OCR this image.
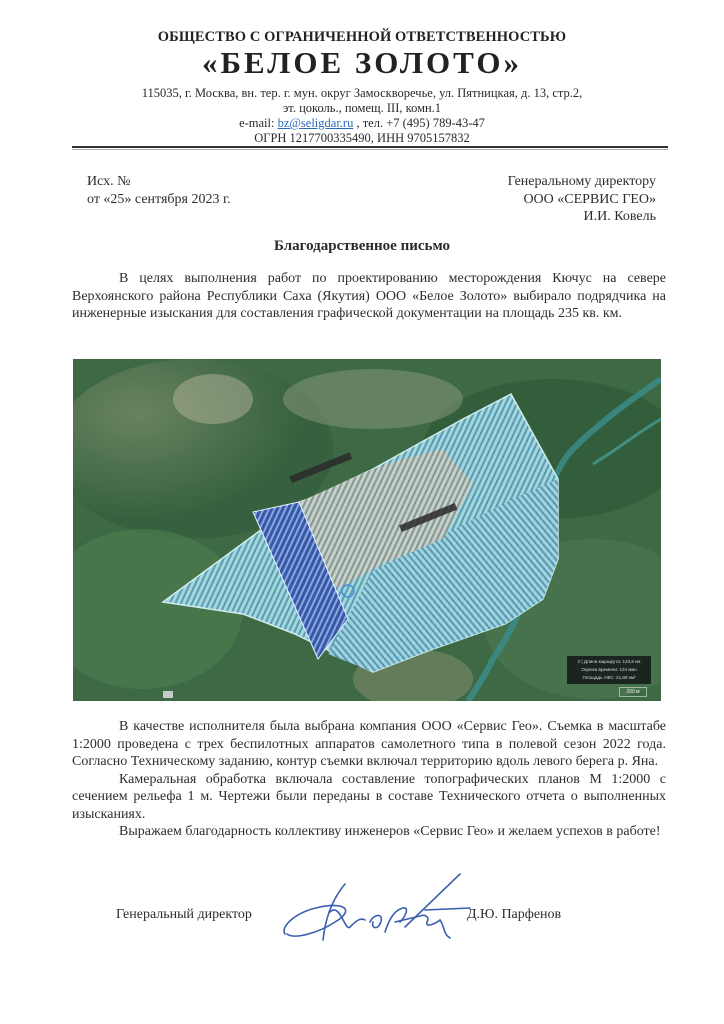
ОБЩЕСТВО С ОГРАНИЧЕННОЙ ОТВЕТСТВЕННОСТЬЮ
«БЕЛОЕ ЗОЛОТО»
115035, г. Москва, вн. тер. г. мун. округ Замоскворечье, ул. Пятницкая, д. 13, стр.2,
эт. цоколь., помещ. III, комн.1
e-mail: bz@seligdar.ru , тел. +7 (495) 789-43-47
ОГРН 1217700335490, ИНН 9705157832
Исх. №
от «25» сентября 2023 г.
Генеральному директору
ООО «СЕРВИС ГЕО»
И.И. Ковель
Благодарственное письмо

В целях выполнения работ по проектированию месторождения Кючус на севере Верхоянского района Республики Саха (Якутия) ООО «Белое Золото» выбирало подрядчика на инженерные изыскания для составления графической документации на площадь 235 кв. км.

2 | Длина маршрута: 133,8 км
Оценка времени: 124 мин
Площадь АФС: 21,88 км²
200 м

В качестве исполнителя была выбрана компания ООО «Сервис Гео». Съемка в масштабе 1:2000 проведена с трех беспилотных аппаратов самолетного типа в полевой сезон 2022 года. Согласно Техническому заданию, контур съемки включал территорию вдоль левого берега р. Яна.

Камеральная обработка включала составление топографических планов М 1:2000 с сечением рельефа 1 м. Чертежи были переданы в составе Технического отчета о выполненных изысканиях.

Выражаем благодарность коллективу инженеров «Сервис Гео» и желаем успехов в работе!

Генеральный директор	Д.Ю. Парфенов
